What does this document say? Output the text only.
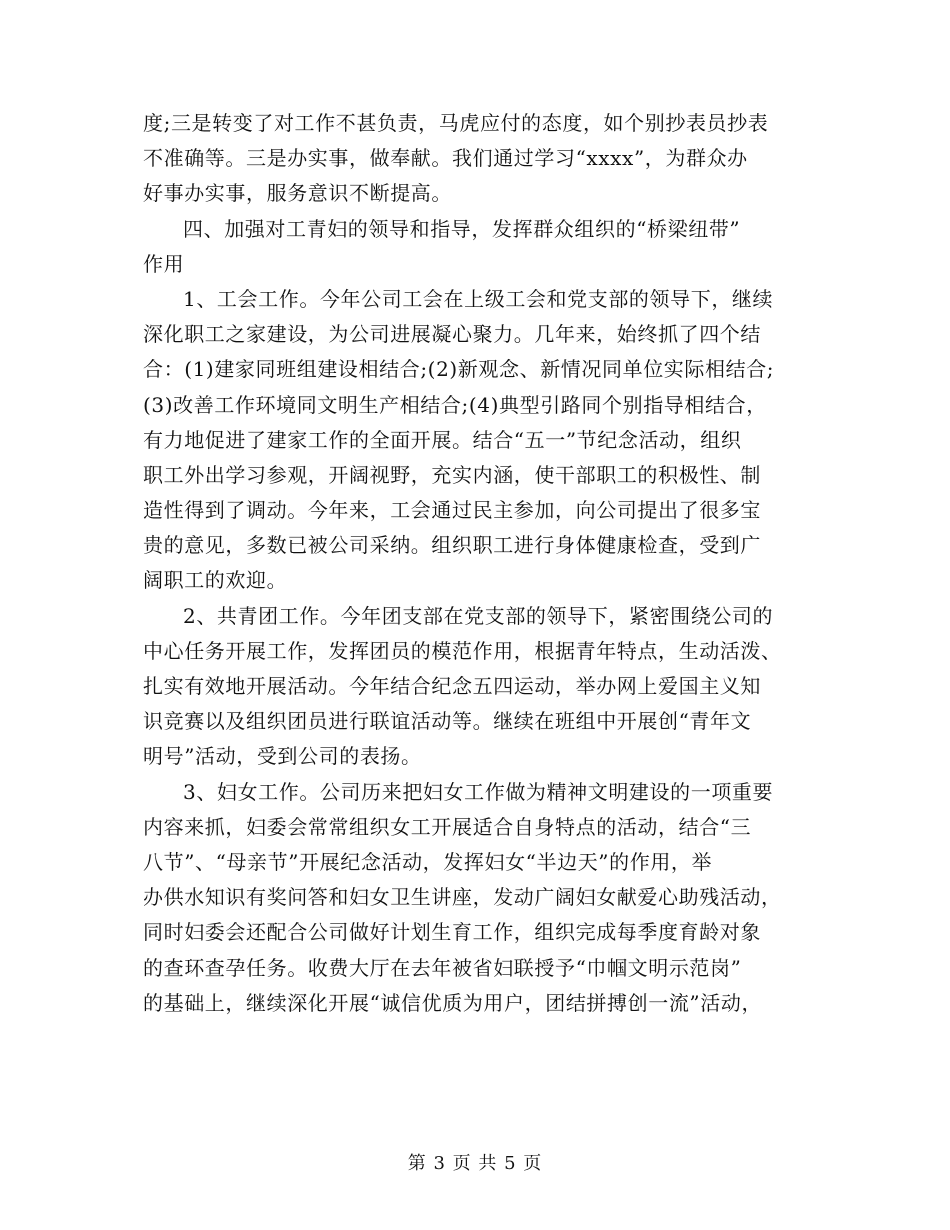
度;三是转变了对工作不甚负责，马虎应付的态度，如个别抄表员抄表
不准确等。三是办实事，做奉献。我们通过学习“xxxx”，为群众办
好事办实事，服务意识不断提高。
四、加强对工青妇的领导和指导，发挥群众组织的“桥梁纽带”
作用
1、工会工作。今年公司工会在上级工会和党支部的领导下，继续
深化职工之家建设，为公司进展凝心聚力。几年来，始终抓了四个结
合：(1)建家同班组建设相结合;(2)新观念、新情况同单位实际相结合;
(3)改善工作环境同文明生产相结合;(4)典型引路同个别指导相结合，
有力地促进了建家工作的全面开展。结合“五一”节纪念活动，组织
职工外出学习参观，开阔视野，充实内涵，使干部职工的积极性、制
造性得到了调动。今年来，工会通过民主参加，向公司提出了很多宝
贵的意见，多数已被公司采纳。组织职工进行身体健康检查，受到广
阔职工的欢迎。
2、共青团工作。今年团支部在党支部的领导下，紧密围绕公司的
中心任务开展工作，发挥团员的模范作用，根据青年特点，生动活泼、
扎实有效地开展活动。今年结合纪念五四运动，举办网上爱国主义知
识竞赛以及组织团员进行联谊活动等。继续在班组中开展创“青年文
明号”活动，受到公司的表扬。
3、妇女工作。公司历来把妇女工作做为精神文明建设的一项重要
内容来抓，妇委会常常组织女工开展适合自身特点的活动，结合“三
八节”、“母亲节”开展纪念活动，发挥妇女“半边天”的作用，举
办供水知识有奖问答和妇女卫生讲座，发动广阔妇女献爱心助残活动，
同时妇委会还配合公司做好计划生育工作，组织完成每季度育龄对象
的查环查孕任务。收费大厅在去年被省妇联授予“巾帼文明示范岗”
的基础上，继续深化开展“诚信优质为用户，团结拼搏创一流”活动，
第 3 页 共 5 页
